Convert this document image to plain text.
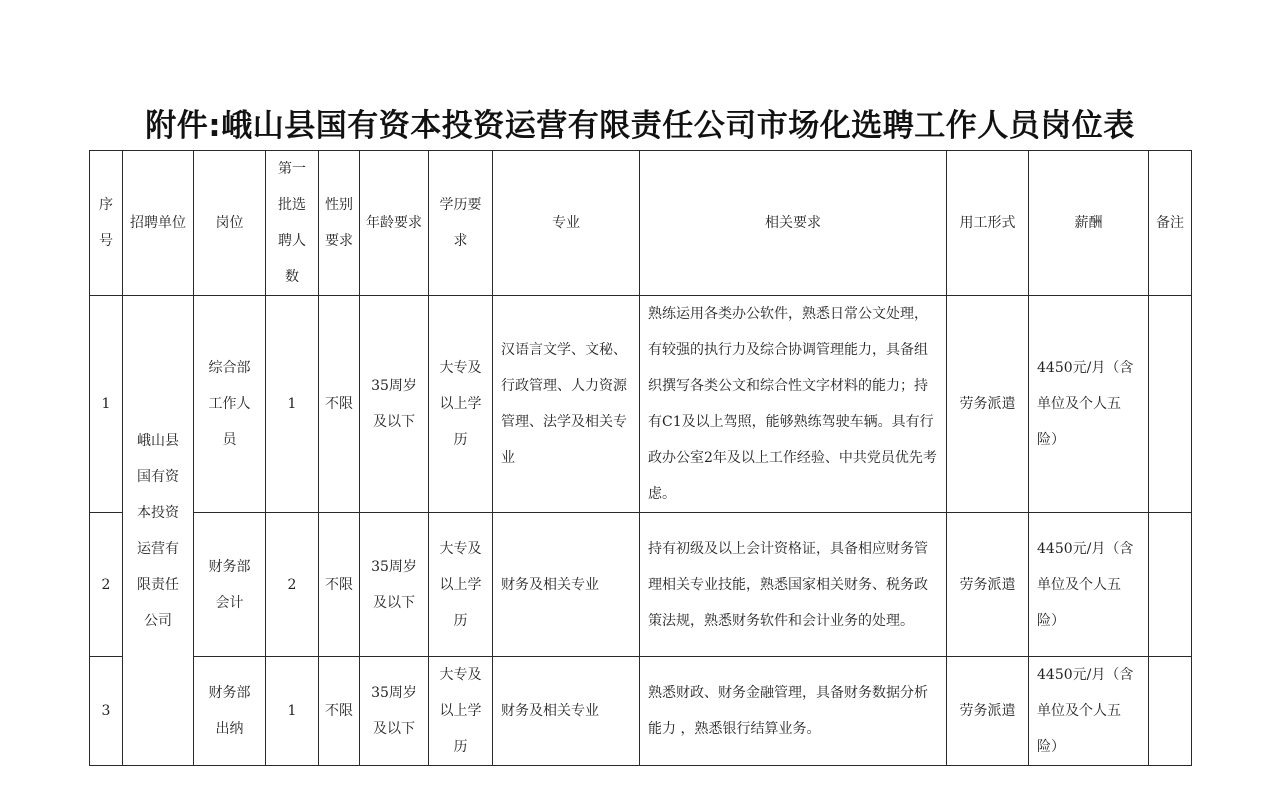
附件:峨山县国有资本投资运营有限责任公司市场化选聘工作人员岗位表
序号	招聘单位	岗位	第一批选聘人数	性别要求	年龄要求	学历要求	专业	相关要求	用工形式	薪酬	备注
1	峨山县国有资本投资运营有限责任公司	综合部工作人员	1	不限	35周岁及以下	大专及以上学历	汉语言文学、文秘、行政管理、人力资源管理、法学及相关专业	熟练运用各类办公软件，熟悉日常公文处理，有较强的执行力及综合协调管理能力，具备组织撰写各类公文和综合性文字材料的能力；持有C1及以上驾照，能够熟练驾驶车辆。具有行政办公室2年及以上工作经验、中共党员优先考虑。	劳务派遣	4450元/月（含单位及个人五险）	
2		财务部会计	2	不限	35周岁及以下	大专及以上学历	财务及相关专业	持有初级及以上会计资格证，具备相应财务管理相关专业技能，熟悉国家相关财务、税务政策法规，熟悉财务软件和会计业务的处理。	劳务派遣	4450元/月（含单位及个人五险）	
3		财务部出纳	1	不限	35周岁及以下	大专及以上学历	财务及相关专业	熟悉财政、财务金融管理，具备财务数据分析能力 ，熟悉银行结算业务。	劳务派遣	4450元/月（含单位及个人五险）	
